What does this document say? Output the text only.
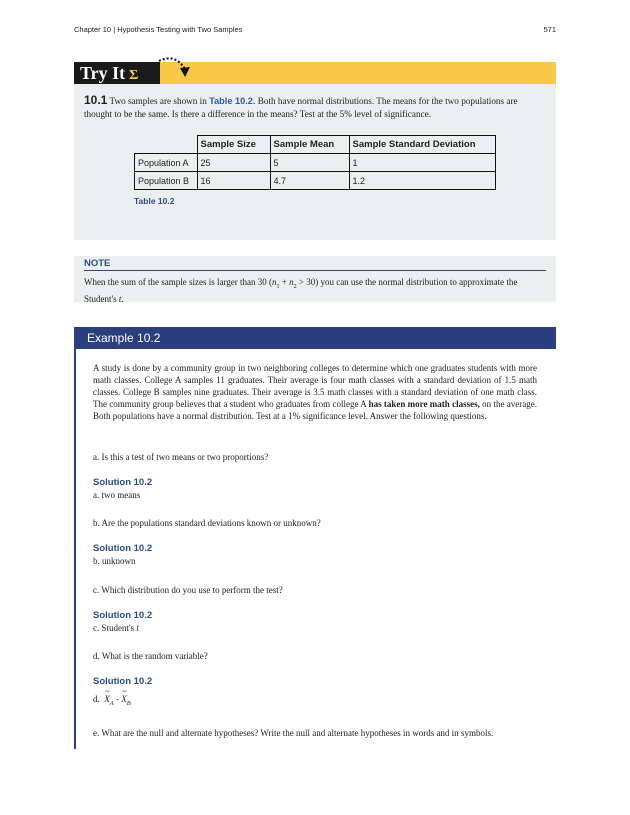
Chapter 10 | Hypothesis Testing with Two Samples	571
Try It Σ
10.1 Two samples are shown in Table 10.2. Both have normal distributions. The means for the two populations are thought to be the same. Is there a difference in the means? Test at the 5% level of significance.
	Sample Size	Sample Mean	Sample Standard Deviation
Population A	25	5	1
Population B	16	4.7	1.2
Table 10.2
NOTE
When the sum of the sample sizes is larger than 30 $(n_1 + n_2 > 30)$ you can use the normal distribution to approximate the Student's t.
Example 10.2

A study is done by a community group in two neighboring colleges to determine which one graduates students with more math classes. College A samples 11 graduates. Their average is four math classes with a standard deviation of 1.5 math classes. College B samples nine graduates. Their average is 3.5 math classes with a standard deviation of one math class. The community group believes that a student who graduates from college A has taken more math classes, on the average. Both populations have a normal distribution. Test at a 1% significance level. Answer the following questions.

a. Is this a test of two means or two proportions?
Solution 10.2
a. two means
b. Are the populations standard deviations known or unknown?
Solution 10.2
b. unknown
c. Which distribution do you use to perform the test?
Solution 10.2
c. Student's t
d. What is the random variable?
Solution 10.2
d. ~ $X_A$ - ~ $X_B$
e. What are the null and alternate hypotheses? Write the null and alternate hypotheses in words and in symbols.
